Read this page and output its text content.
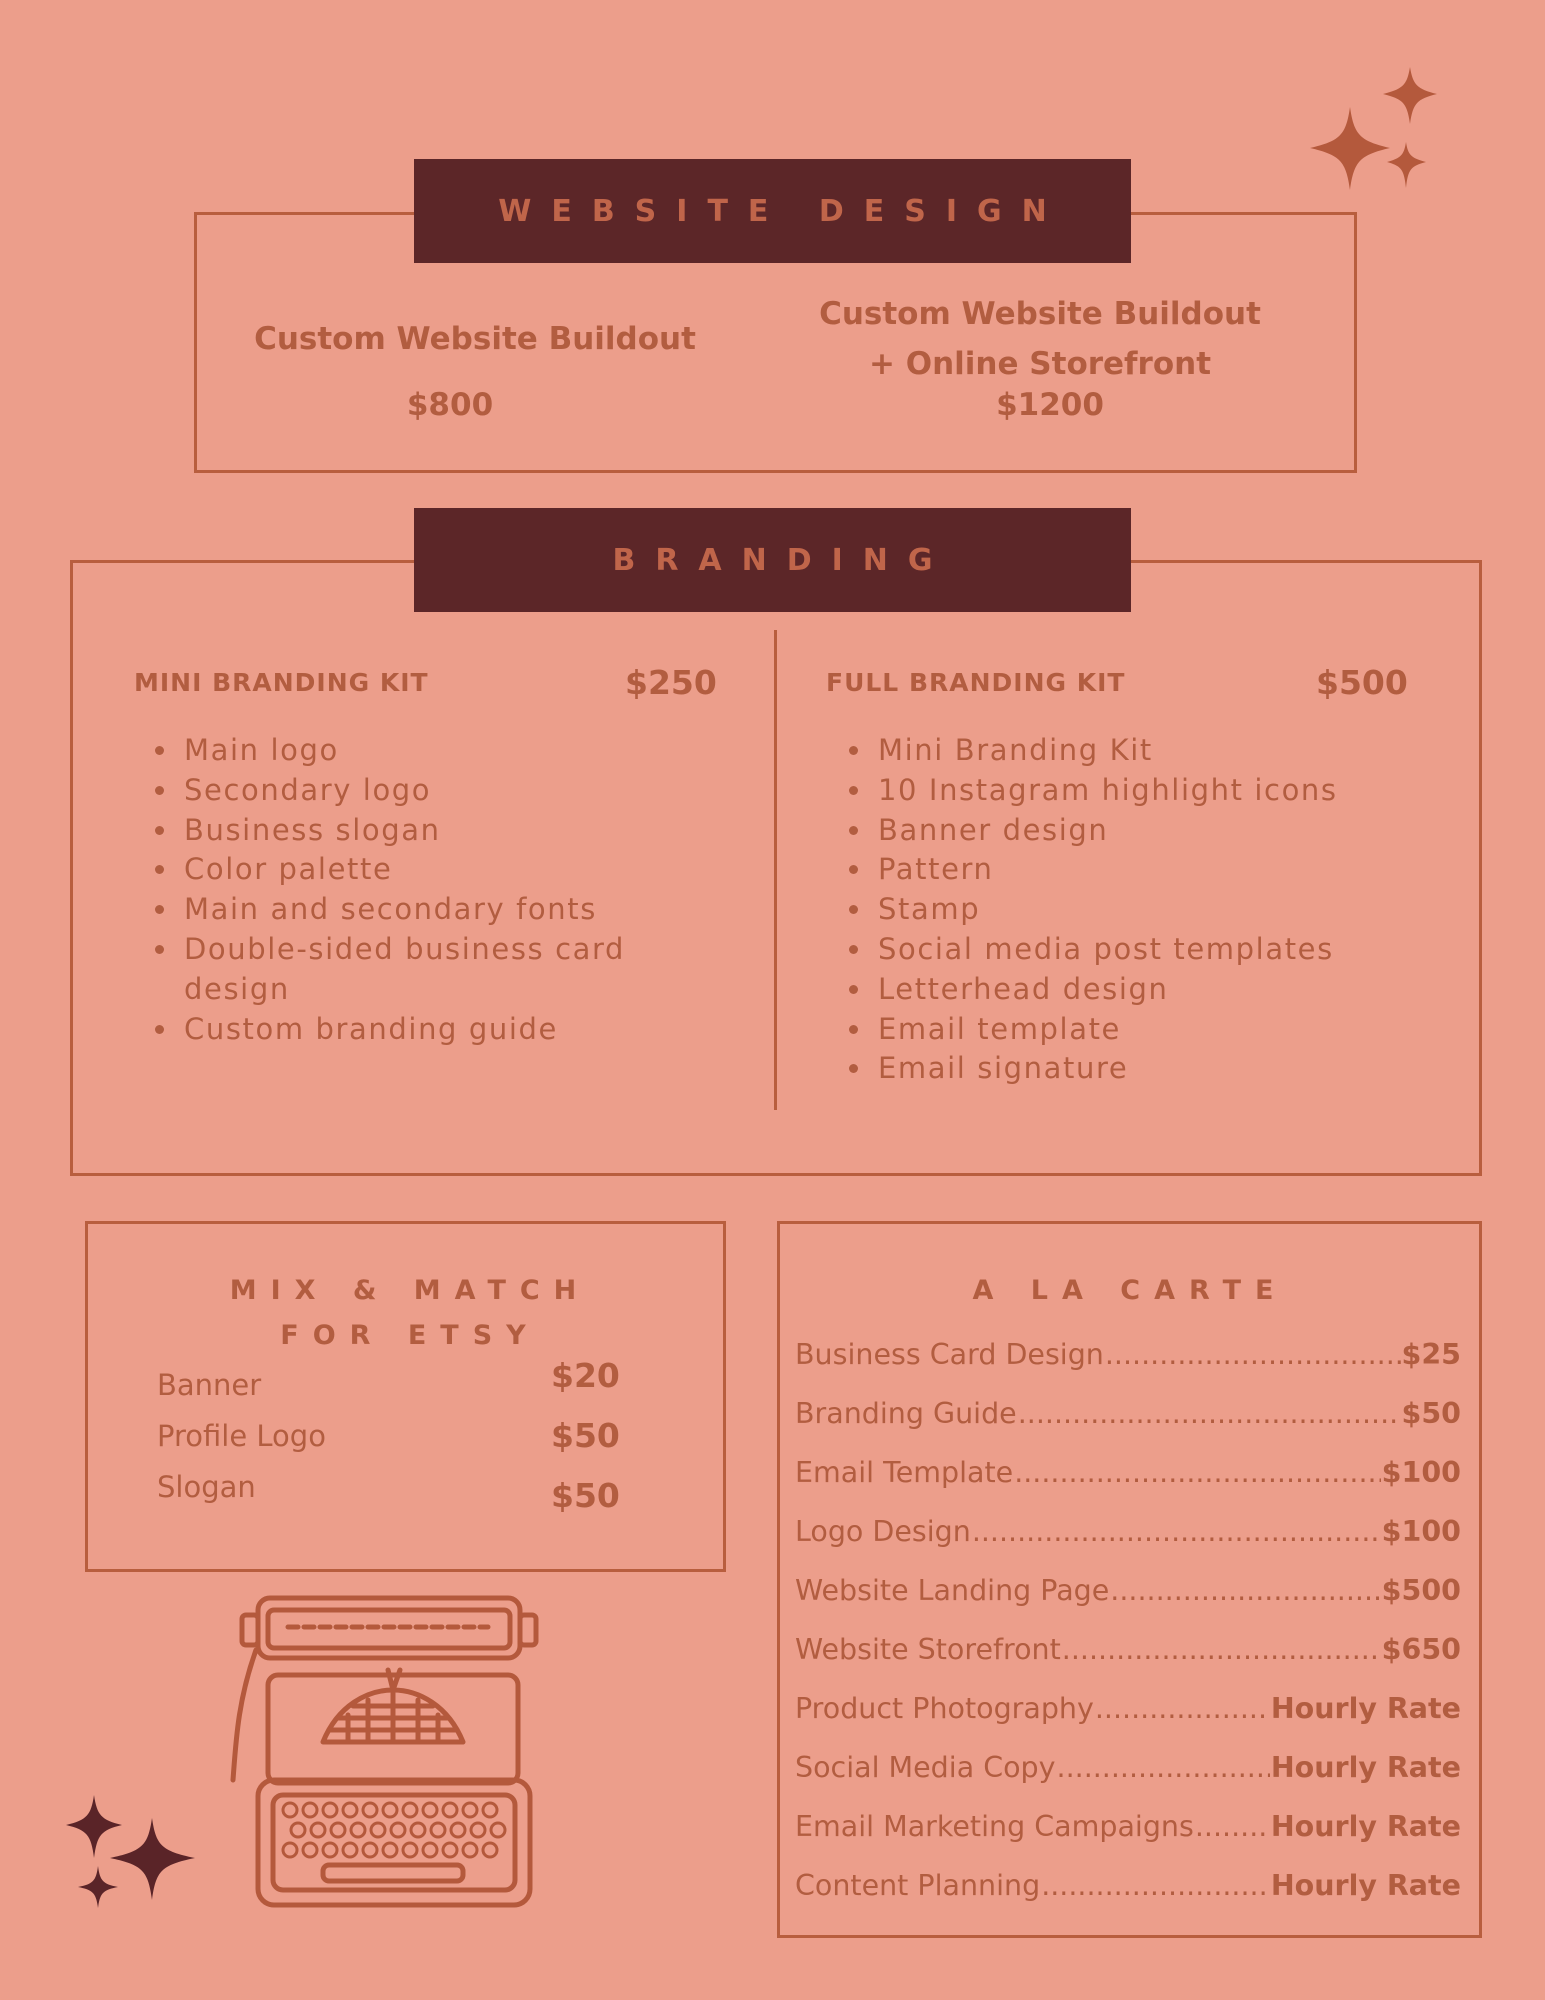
WEBSITE DESIGN
Custom Website Buildout
$800
Custom Website Buildout
+ Online Storefront
$1200
BRANDING
MINI BRANDING KIT	$250
• Main logo
• Secondary logo
• Business slogan
• Color palette
• Main and secondary fonts
• Double-sided business card design
• Custom branding guide
FULL BRANDING KIT	$500
• Mini Branding Kit
• 10 Instagram highlight icons
• Banner design
• Pattern
• Stamp
• Social media post templates
• Letterhead design
• Email template
• Email signature
MIX & MATCH
FOR ETSY
Banner	$20
Profile Logo	$50
Slogan	$50
A LA CARTE
Business Card Design .....	$25
Branding Guide .....	$50
Email Template .....	$100
Logo Design .....	$100
Website Landing Page .....	$500
Website Storefront .....	$650
Product Photography .....	Hourly Rate
Social Media Copy .....	Hourly Rate
Email Marketing Campaigns .....	Hourly Rate
Content Planning .....	Hourly Rate
